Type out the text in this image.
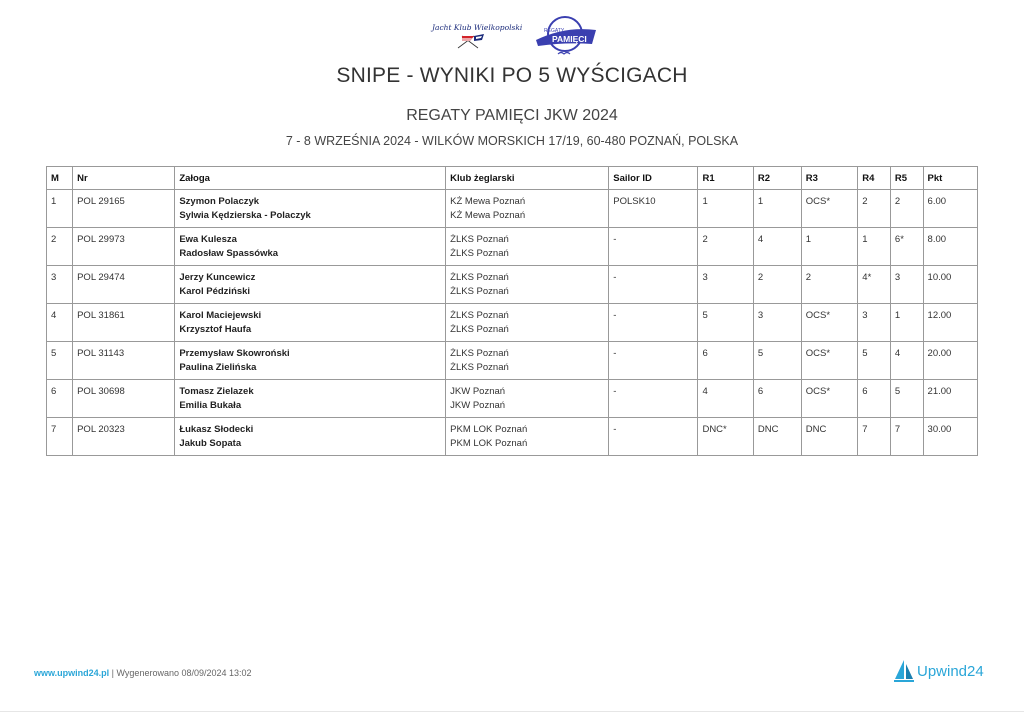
Jacht Klub Wielkopolski	REGATY
PAMIĘCI
SNIPE - WYNIKI PO 5 WYŚCIGACH
REGATY PAMIĘCI JKW 2024
7 - 8 WRZEŚNIA 2024 - WILKÓW MORSKICH 17/19, 60-480 POZNAŃ, POLSKA
M	Nr	Załoga	Klub żeglarski	Sailor ID	R1	R2	R3	R4	R5	Pkt
1	POL 29165	Szymon Polaczyk
Sylwia Kędzierska - Polaczyk	KŻ Mewa Poznań
KŻ Mewa Poznań	POLSK10	1	1	OCS*	2	2	6.00
2	POL 29973	Ewa Kulesza
Radosław Spassówka	ŻLKS Poznań
ŻLKS Poznań	-	2	4	1	1	6*	8.00
3	POL 29474	Jerzy Kuncewicz
Karol Pédziński	ŻLKS Poznań
ŻLKS Poznań	-	3	2	2	4*	3	10.00
4	POL 31861	Karol Maciejewski
Krzysztof Haufa	ŻLKS Poznań
ŻLKS Poznań	-	5	3	OCS*	3	1	12.00
5	POL 31143	Przemysław Skowroński
Paulina Zielińska	ŻLKS Poznań
ŻLKS Poznań	-	6	5	OCS*	5	4	20.00
6	POL 30698	Tomasz Zielazek
Emilia Bukała	JKW Poznań
JKW Poznań	-	4	6	OCS*	6	5	21.00
7	POL 20323	Łukasz Słodecki
Jakub Sopata	PKM LOK Poznań
PKM LOK Poznań	-	DNC*	DNC	DNC	7	7	30.00
www.upwind24.pl | Wygenerowano 08/09/2024 13:02	Upwind24
